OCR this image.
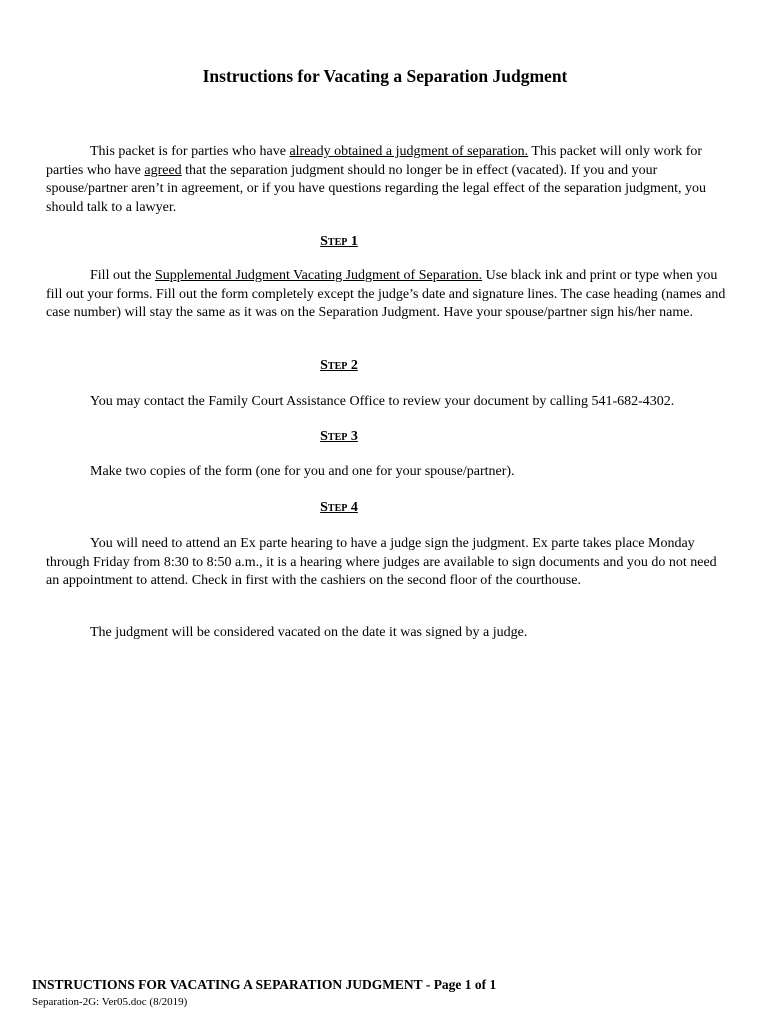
Instructions for Vacating a Separation Judgment

This packet is for parties who have already obtained a judgment of separation. This packet will only work for parties who have agreed that the separation judgment should no longer be in effect (vacated). If you and your spouse/partner aren’t in agreement, or if you have questions regarding the legal effect of the separation judgment, you should talk to a lawyer.

Step 1

Fill out the Supplemental Judgment Vacating Judgment of Separation. Use black ink and print or type when you fill out your forms. Fill out the form completely except the judge’s date and signature lines. The case heading (names and case number) will stay the same as it was on the Separation Judgment. Have your spouse/partner sign his/her name.

Step 2

You may contact the Family Court Assistance Office to review your document by calling 541-682-4302.

Step 3

Make two copies of the form (one for you and one for your spouse/partner).

Step 4

You will need to attend an Ex parte hearing to have a judge sign the judgment. Ex parte takes place Monday through Friday from 8:30 to 8:50 a.m., it is a hearing where judges are available to sign documents and you do not need an appointment to attend. Check in first with the cashiers on the second floor of the courthouse.

The judgment will be considered vacated on the date it was signed by a judge.

INSTRUCTIONS FOR VACATING A SEPARATION JUDGMENT - Page 1 of 1
Separation-2G: Ver05.doc (8/2019)
